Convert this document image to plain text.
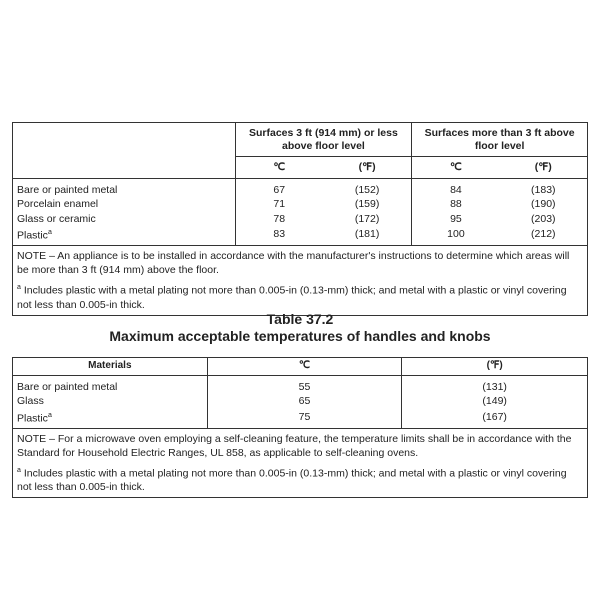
	Surfaces 3 ft (914 mm) or less above floor level		Surfaces more than 3 ft above floor level	
	℃	(℉)	℃	(℉)
Bare or painted metal	67	(152)	84	(183)
Porcelain enamel	71	(159)	88	(190)
Glass or ceramic	78	(172)	95	(203)
Plastic$^a$	83	(181)	100	(212)
NOTE – An appliance is to be installed in accordance with the manufacturer's instructions to determine which areas will be more than 3 ft (914 mm) above the floor.				
$^a$ Includes plastic with a metal plating not more than 0.005-in (0.13-mm) thick; and metal with a plastic or vinyl covering not less than 0.005-in thick.				
Table 37.2
Maximum acceptable temperatures of handles and knobs
Materials	℃	(℉)
Bare or painted metal	55	(131)
Glass	65	(149)
Plastic$^a$	75	(167)
NOTE – For a microwave oven employing a self-cleaning feature, the temperature limits shall be in accordance with the Standard for Household Electric Ranges, UL 858, as applicable to self-cleaning ovens.		
$^a$ Includes plastic with a metal plating not more than 0.005-in (0.13-mm) thick; and metal with a plastic or vinyl covering not less than 0.005-in thick.		
